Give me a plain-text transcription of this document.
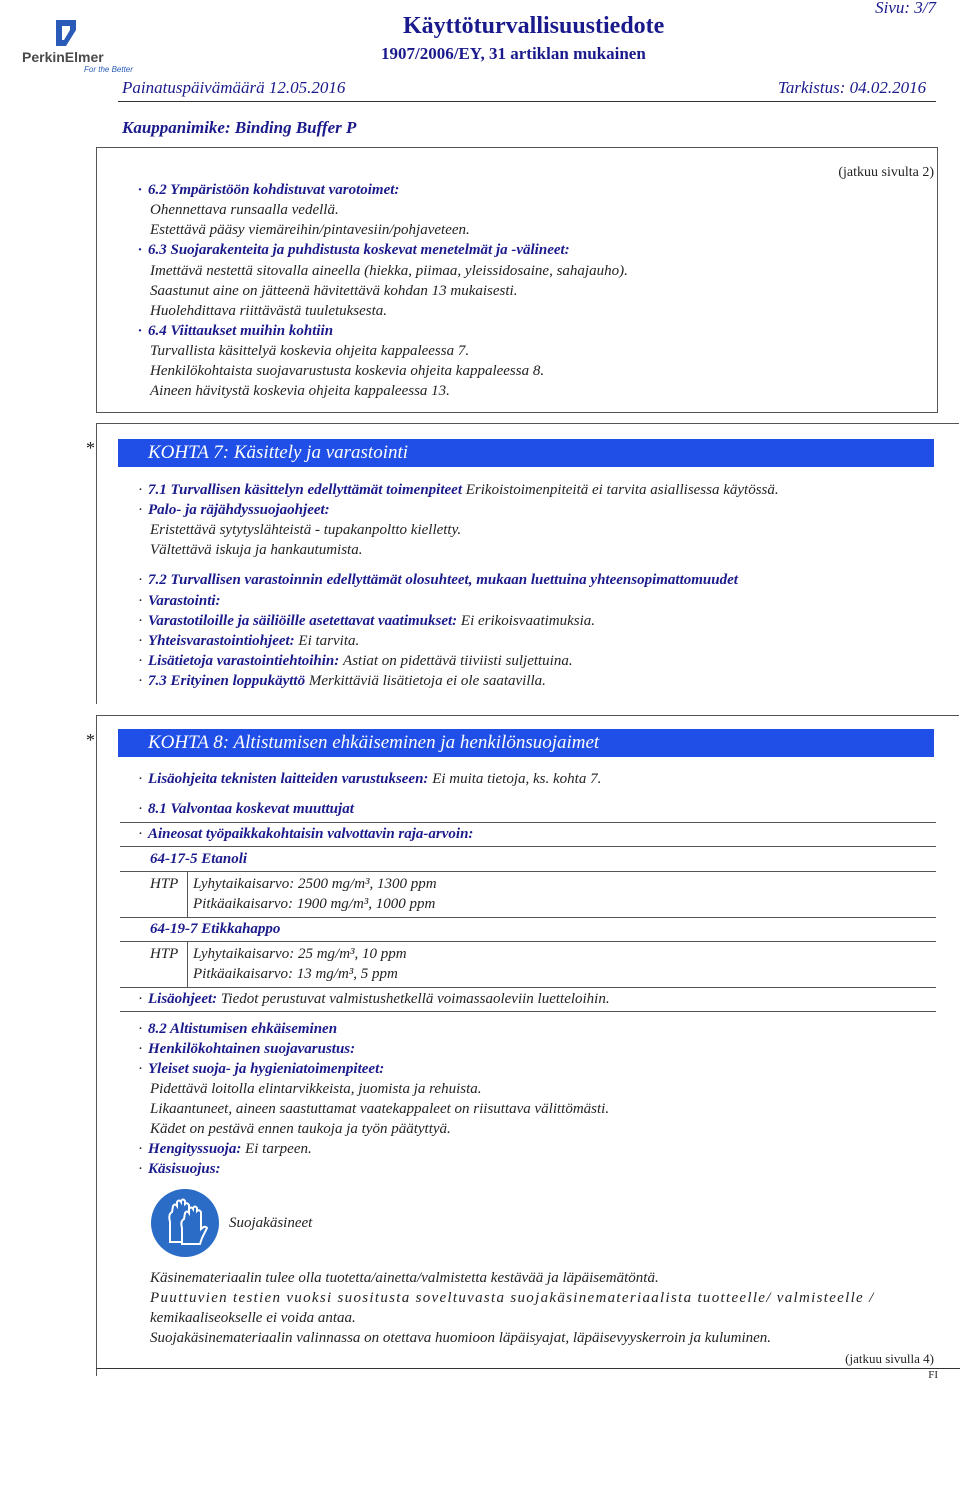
PerkinElmer
For the Better
Sivu: 3/7
Käyttöturvallisuustiedote
1907/2006/EY, 31 artiklan mukainen
Painatuspäivämäärä 12.05.2016	Tarkistus: 04.02.2016
Kauppanimike: Binding Buffer P
(jatkuu sivulta 2)
· 6.2 Ympäristöön kohdistuvat varotoimet:
Ohennettava runsaalla vedellä.
Estettävä pääsy viemäreihin/pintavesiin/pohjaveteen.
· 6.3 Suojarakenteita ja puhdistusta koskevat menetelmät ja -välineet:
Imettävä nestettä sitovalla aineella (hiekka, piimaa, yleissidosaine, sahajauho).
Saastunut aine on jätteenä hävitettävä kohdan 13 mukaisesti.
Huolehdittava riittävästä tuuletuksesta.
· 6.4 Viittaukset muihin kohtiin
Turvallista käsittelyä koskevia ohjeita kappaleessa 7.
Henkilökohtaista suojavarustusta koskevia ohjeita kappaleessa 8.
Aineen hävitystä koskevia ohjeita kappaleessa 13.
*	KOHTA 7: Käsittely ja varastointi
· 7.1 Turvallisen käsittelyn edellyttämät toimenpiteet Erikoistoimenpiteitä ei tarvita asiallisessa käytössä.
· Palo- ja räjähdyssuojaohjeet:
Eristettävä sytytyslähteistä - tupakanpoltto kielletty.
Vältettävä iskuja ja hankautumista.
· 7.2 Turvallisen varastoinnin edellyttämät olosuhteet, mukaan luettuina yhteensopimattomuudet
· Varastointi:
· Varastotiloille ja säiliöille asetettavat vaatimukset: Ei erikoisvaatimuksia.
· Yhteisvarastointiohjeet: Ei tarvita.
· Lisätietoja varastointiehtoihin: Astiat on pidettävä tiiviisti suljettuina.
· 7.3 Erityinen loppukäyttö Merkittäviä lisätietoja ei ole saatavilla.
*	KOHTA 8: Altistumisen ehkäiseminen ja henkilönsuojaimet
· Lisäohjeita teknisten laitteiden varustukseen: Ei muita tietoja, ks. kohta 7.
· 8.1 Valvontaa koskevat muuttujat
· Aineosat työpaikkakohtaisin valvottavin raja-arvoin:
64-17-5 Etanoli
HTP Lyhytaikaisarvo: 2500 mg/m³, 1300 ppm
Pitkäaikaisarvo: 1900 mg/m³, 1000 ppm
64-19-7 Etikkahappo
HTP Lyhytaikaisarvo: 25 mg/m³, 10 ppm
Pitkäaikaisarvo: 13 mg/m³, 5 ppm
· Lisäohjeet: Tiedot perustuvat valmistushetkellä voimassaoleviin luetteloihin.
· 8.2 Altistumisen ehkäiseminen
· Henkilökohtainen suojavarustus:
· Yleiset suoja- ja hygieniatoimenpiteet:
Pidettävä loitolla elintarvikkeista, juomista ja rehuista.
Likaantuneet, aineen saastuttamat vaatekappaleet on riisuttava välittömästi.
Kädet on pestävä ennen taukoja ja työn päätyttyä.
· Hengityssuoja: Ei tarpeen.
· Käsisuojus:
Suojakäsineet
Käsinemateriaalin tulee olla tuotetta/ainetta/valmistetta kestävää ja läpäisemätöntä.
Puuttuvien testien vuoksi suositusta soveltuvasta suojakäsinemateriaalista tuotteelle/ valmisteelle /
kemikaaliseokselle ei voida antaa.
Suojakäsinemateriaalin valinnassa on otettava huomioon läpäisyajat, läpäisevyyskerroin ja kuluminen.
(jatkuu sivulla 4)
FI
